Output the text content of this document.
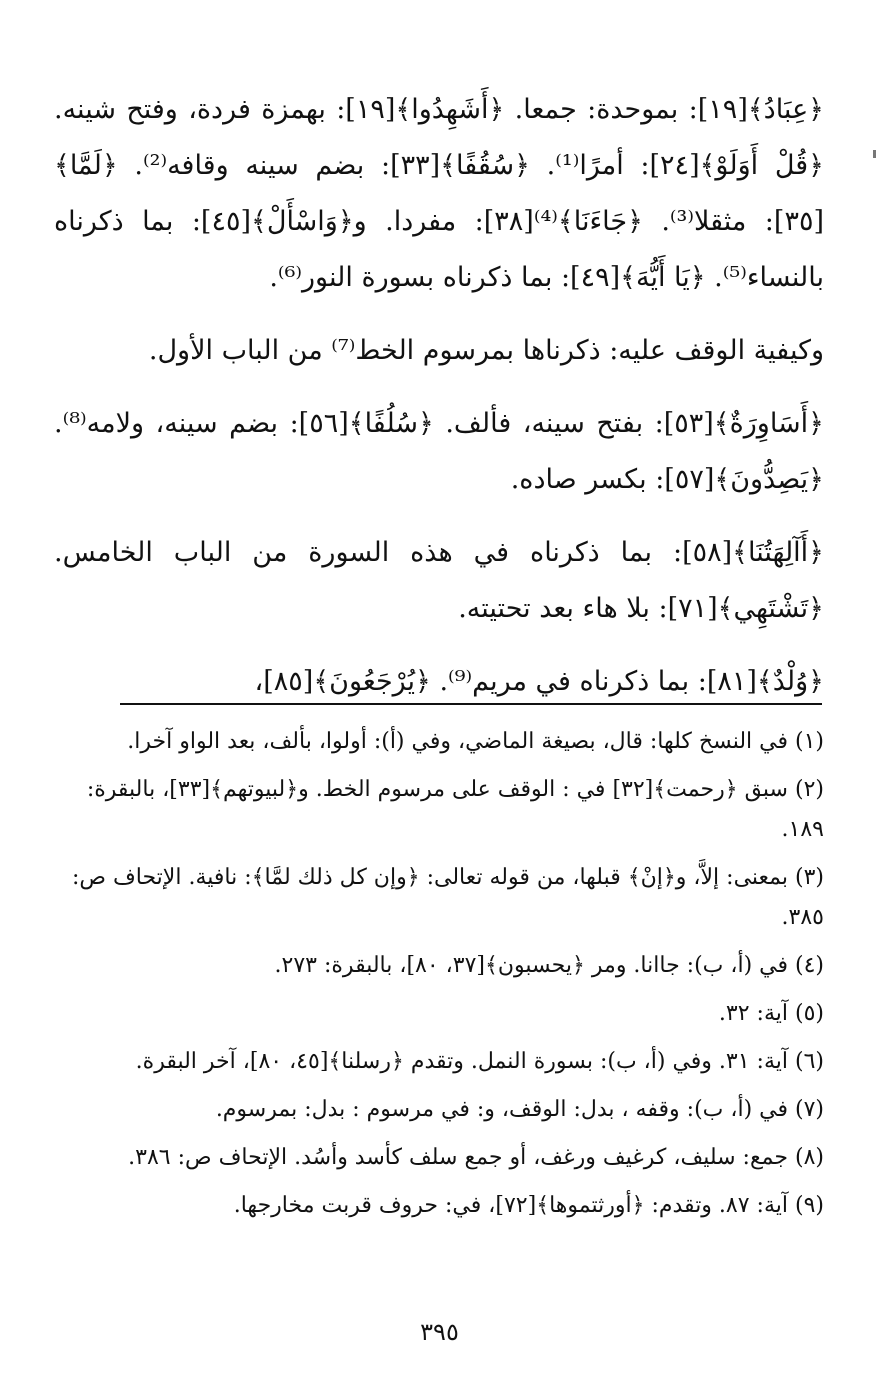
﴿عِبَادُ﴾[١٩]: بموحدة: جمعا. ﴿أَشَهِدُوا﴾[١٩]: بهمزة فردة، وفتح شينه. ﴿قُلْ أَوَلَوْ﴾[٢٤]: أمرًا⁽¹⁾. ﴿سُقُفًا﴾[٣٣]: بضم سينه وقافه⁽²⁾. ﴿لَمَّا﴾[٣٥]: مثقلا⁽³⁾. ﴿جَاءَنَا﴾⁽⁴⁾[٣٨]: مفردا. و﴿وَاسْأَلْ﴾[٤٥]: بما ذكرناه بالنساء⁽⁵⁾. ﴿يَا أَيُّهَ﴾[٤٩]: بما ذكرناه بسورة النور⁽⁶⁾.

وكيفية الوقف عليه: ذكرناها بمرسوم الخط⁽⁷⁾ من الباب الأول.

﴿أَسَاوِرَةٌ﴾[٥٣]: بفتح سينه، فألف. ﴿سُلُفًا﴾[٥٦]: بضم سينه، ولامه⁽⁸⁾. ﴿يَصِدُّونَ﴾[٥٧]: بكسر صاده.

﴿أَآلِهَتُنَا﴾[٥٨]: بما ذكرناه في هذه السورة من الباب الخامس. ﴿تَشْتَهِي﴾[٧١]: بلا هاء بعد تحتيته.

﴿وُلْدٌ﴾[٨١]: بما ذكرناه في مريم⁽⁹⁾. ﴿يُرْجَعُونَ﴾[٨٥]،

(١) في النسخ كلها: قال، بصيغة الماضي، وفي (أ): أولوا، بألف، بعد الواو آخرا.

(٢) سبق ﴿رحمت﴾[٣٢] في : الوقف على مرسوم الخط. و﴿لبيوتهم﴾[٣٣]، بالبقرة: ١٨٩.

(٣) بمعنى: إلاَّ، و﴿إنْ﴾ قبلها، من قوله تعالى: ﴿وإن كل ذلك لمَّا﴾: نافية. الإتحاف ص: ٣٨٥.

(٤) في (أ، ب): جاانا. ومر ﴿يحسبون﴾[٣٧، ٨٠]، بالبقرة: ٢٧٣.

(٥) آية: ٣٢.

(٦) آية: ٣١. وفي (أ، ب): بسورة النمل. وتقدم ﴿رسلنا﴾[٤٥، ٨٠]، آخر البقرة.

(٧) في (أ، ب): وقفه ، بدل: الوقف، و: في مرسوم : بدل: بمرسوم.

(٨) جمع: سليف، كرغيف ورغف، أو جمع سلف كأسد وأسُد. الإتحاف ص: ٣٨٦.

(٩) آية: ٨٧. وتقدم: ﴿أورثتموها﴾[٧٢]، في: حروف قربت مخارجها.

٣٩٥
